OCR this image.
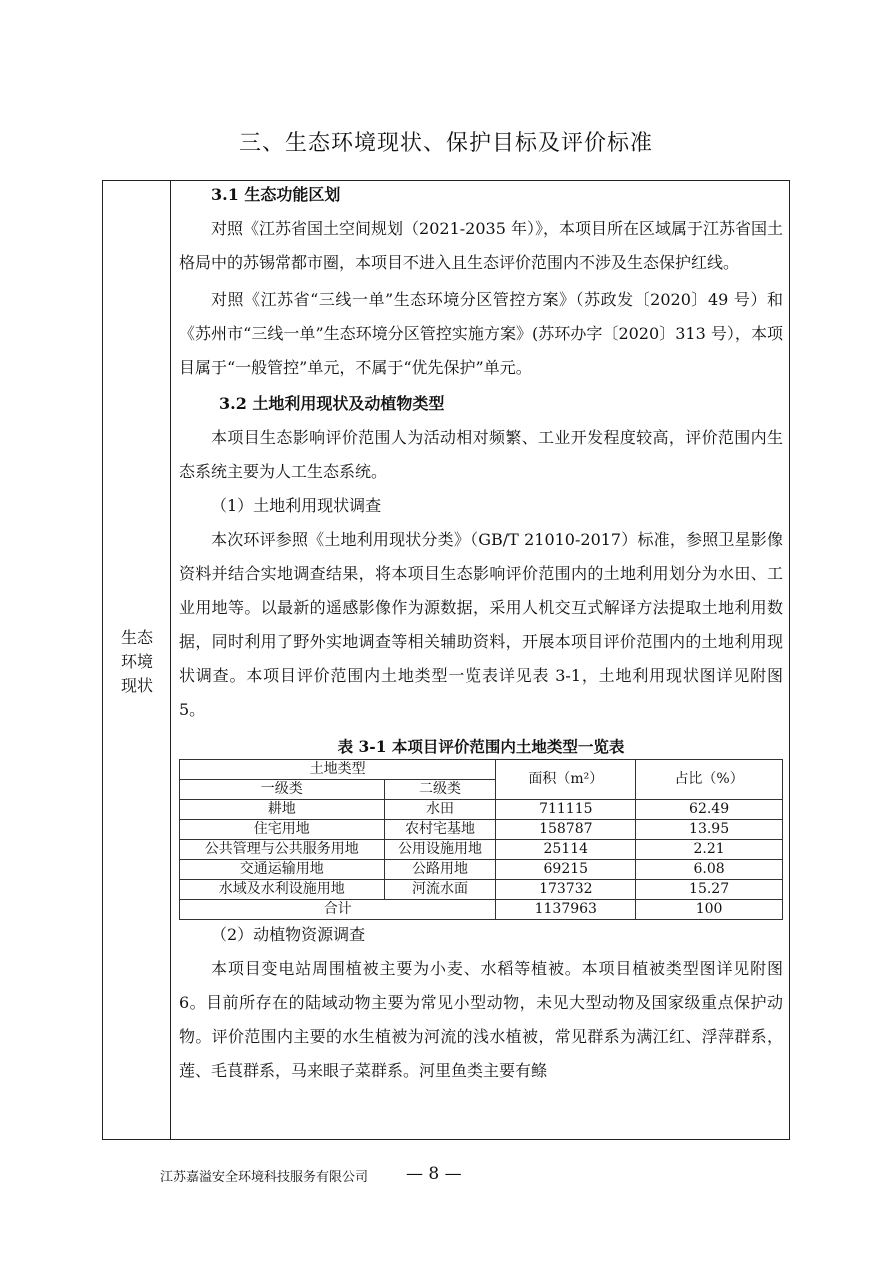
三、生态环境现状、保护目标及评价标准
生态
环境
现状

3.1 生态功能区划

对照《江苏省国土空间规划（2021-2035 年）》，本项目所在区域属于江苏省国土格局中的苏锡常都市圈，本项目不进入且生态评价范围内不涉及生态保护红线。

对照《江苏省“三线一单”生态环境分区管控方案》（苏政发〔2020〕49 号）和《苏州市“三线一单”生态环境分区管控实施方案》(苏环办字〔2020〕313 号），本项目属于“一般管控”单元，不属于“优先保护”单元。

3.2 土地利用现状及动植物类型

本项目生态影响评价范围人为活动相对频繁、工业开发程度较高，评价范围内生态系统主要为人工生态系统。

（1）土地利用现状调查

本次环评参照《土地利用现状分类》（GB/T 21010-2017）标准，参照卫星影像资料并结合实地调查结果，将本项目生态影响评价范围内的土地利用划分为水田、工业用地等。以最新的遥感影像作为源数据，采用人机交互式解译方法提取土地利用数据，同时利用了野外实地调查等相关辅助资料，开展本项目评价范围内的土地利用现状调查。本项目评价范围内土地类型一览表详见表 3-1，土地利用现状图详见附图 5。

表 3-1 本项目评价范围内土地类型一览表

土地类型		面积（m²）	占比（%）
一级类	二级类		
耕地	水田	711115	62.49
住宅用地	农村宅基地	158787	13.95
公共管理与公共服务用地	公用设施用地	25114	2.21
交通运输用地	公路用地	69215	6.08
水域及水利设施用地	河流水面	173732	15.27
合计		1137963	100

（2）动植物资源调查

本项目变电站周围植被主要为小麦、水稻等植被。本项目植被类型图详见附图 6。目前所存在的陆域动物主要为常见小型动物，未见大型动物及国家级重点保护动物。评价范围内主要的水生植被为河流的浅水植被，常见群系为满江红、浮萍群系，莲、毛茛群系，马来眼子菜群系。河里鱼类主要有鲦

江苏嘉溢安全环境科技服务有限公司 — 8 —
